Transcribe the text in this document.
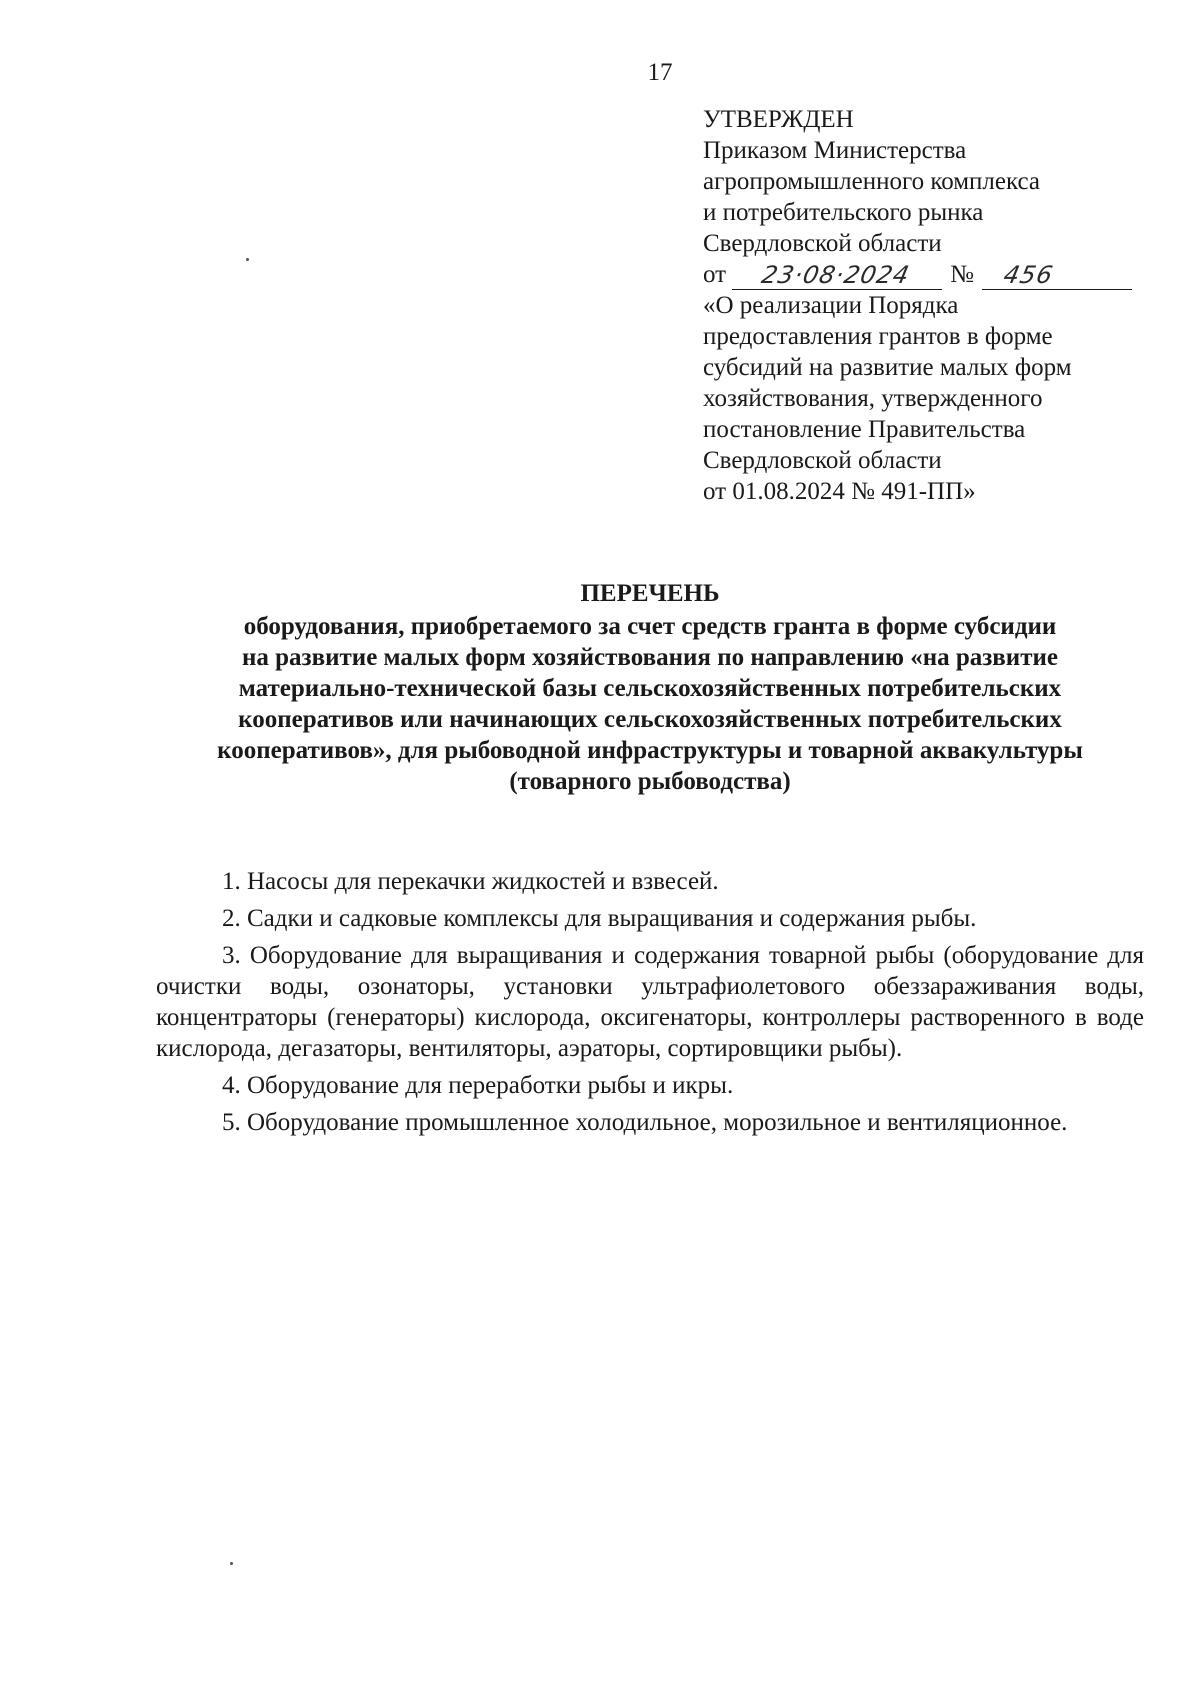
17
УТВЕРЖДЕН
Приказом Министерства
агропромышленного комплекса
и потребительского рынка
Свердловской области
от 23·08·2024 № 456
«О реализации Порядка
предоставления грантов в форме
субсидий на развитие малых форм
хозяйствования, утвержденного
постановление Правительства
Свердловской области
от 01.08.2024 № 491-ПП»
ПЕРЕЧЕНЬ
оборудования, приобретаемого за счет средств гранта в форме субсидии
на развитие малых форм хозяйствования по направлению «на развитие
материально-технической базы сельскохозяйственных потребительских
кооперативов или начинающих сельскохозяйственных потребительских
кооперативов», для рыбоводной инфраструктуры и товарной аквакультуры
(товарного рыбоводства)

1. Насосы для перекачки жидкостей и взвесей.

2. Садки и садковые комплексы для выращивания и содержания рыбы.

3. Оборудование для выращивания и содержания товарной рыбы (оборудование для очистки воды, озонаторы, установки ультрафиолетового обеззараживания воды, концентраторы (генераторы) кислорода, оксигенаторы, контроллеры растворенного в воде кислорода, дегазаторы, вентиляторы, аэраторы, сортировщики рыбы).

4. Оборудование для переработки рыбы и икры.

5. Оборудование промышленное холодильное, морозильное и вентиляционное.
